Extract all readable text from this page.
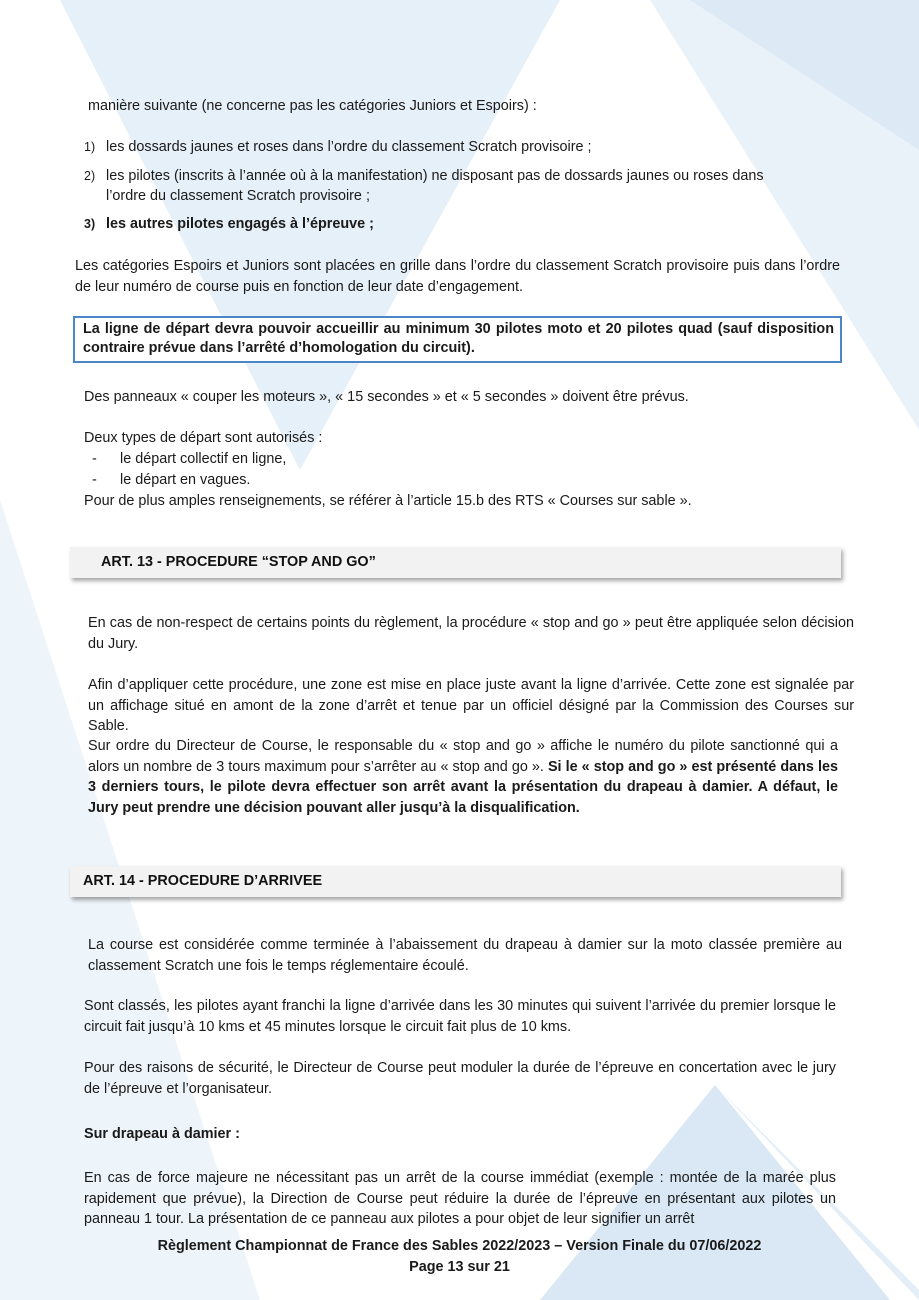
manière suivante (ne concerne pas les catégories Juniors et Espoirs) :

1) les dossards jaunes et roses dans l’ordre du classement Scratch provisoire ;

2) les pilotes (inscrits à l’année où à la manifestation) ne disposant pas de dossards jaunes ou roses dans

l’ordre du classement Scratch provisoire ;

3) les autres pilotes engagés à l’épreuve ;

Les catégories Espoirs et Juniors sont placées en grille dans l’ordre du classement Scratch provisoire puis dans l’ordre de leur numéro de course puis en fonction de leur date d’engagement.

La ligne de départ devra pouvoir accueillir au minimum 30 pilotes moto et 20 pilotes quad (sauf disposition contraire prévue dans l’arrêté d’homologation du circuit).

Des panneaux « couper les moteurs », « 15 secondes » et « 5 secondes » doivent être prévus.

Deux types de départ sont autorisés :

- le départ collectif en ligne,

- le départ en vagues.

Pour de plus amples renseignements, se référer à l’article 15.b des RTS « Courses sur sable ».

ART. 13 - PROCEDURE “STOP AND GO”

En cas de non-respect de certains points du règlement, la procédure « stop and go » peut être appliquée selon décision du Jury.

Afin d’appliquer cette procédure, une zone est mise en place juste avant la ligne d’arrivée. Cette zone est signalée par un affichage situé en amont de la zone d’arrêt et tenue par un officiel désigné par la Commission des Courses sur Sable.

Sur ordre du Directeur de Course, le responsable du « stop and go » affiche le numéro du pilote sanctionné qui a alors un nombre de 3 tours maximum pour s’arrêter au « stop and go ». Si le « stop and go » est présenté dans les 3 derniers tours, le pilote devra effectuer son arrêt avant la présentation du drapeau à damier. A défaut, le Jury peut prendre une décision pouvant aller jusqu’à la disqualification.

ART. 14 - PROCEDURE D’ARRIVEE

La course est considérée comme terminée à l’abaissement du drapeau à damier sur la moto classée première au classement Scratch une fois le temps réglementaire écoulé.

Sont classés, les pilotes ayant franchi la ligne d’arrivée dans les 30 minutes qui suivent l’arrivée du premier lorsque le circuit fait jusqu’à 10 kms et 45 minutes lorsque le circuit fait plus de 10 kms.

Pour des raisons de sécurité, le Directeur de Course peut moduler la durée de l’épreuve en concertation avec le jury de l’épreuve et l’organisateur.

Sur drapeau à damier :

En cas de force majeure ne nécessitant pas un arrêt de la course immédiat (exemple : montée de la marée plus rapidement que prévue), la Direction de Course peut réduire la durée de l’épreuve en présentant aux pilotes un panneau 1 tour. La présentation de ce panneau aux pilotes a pour objet de leur signifier un arrêt

Règlement Championnat de France des Sables 2022/2023 – Version Finale du 07/06/2022
Page 13 sur 21
